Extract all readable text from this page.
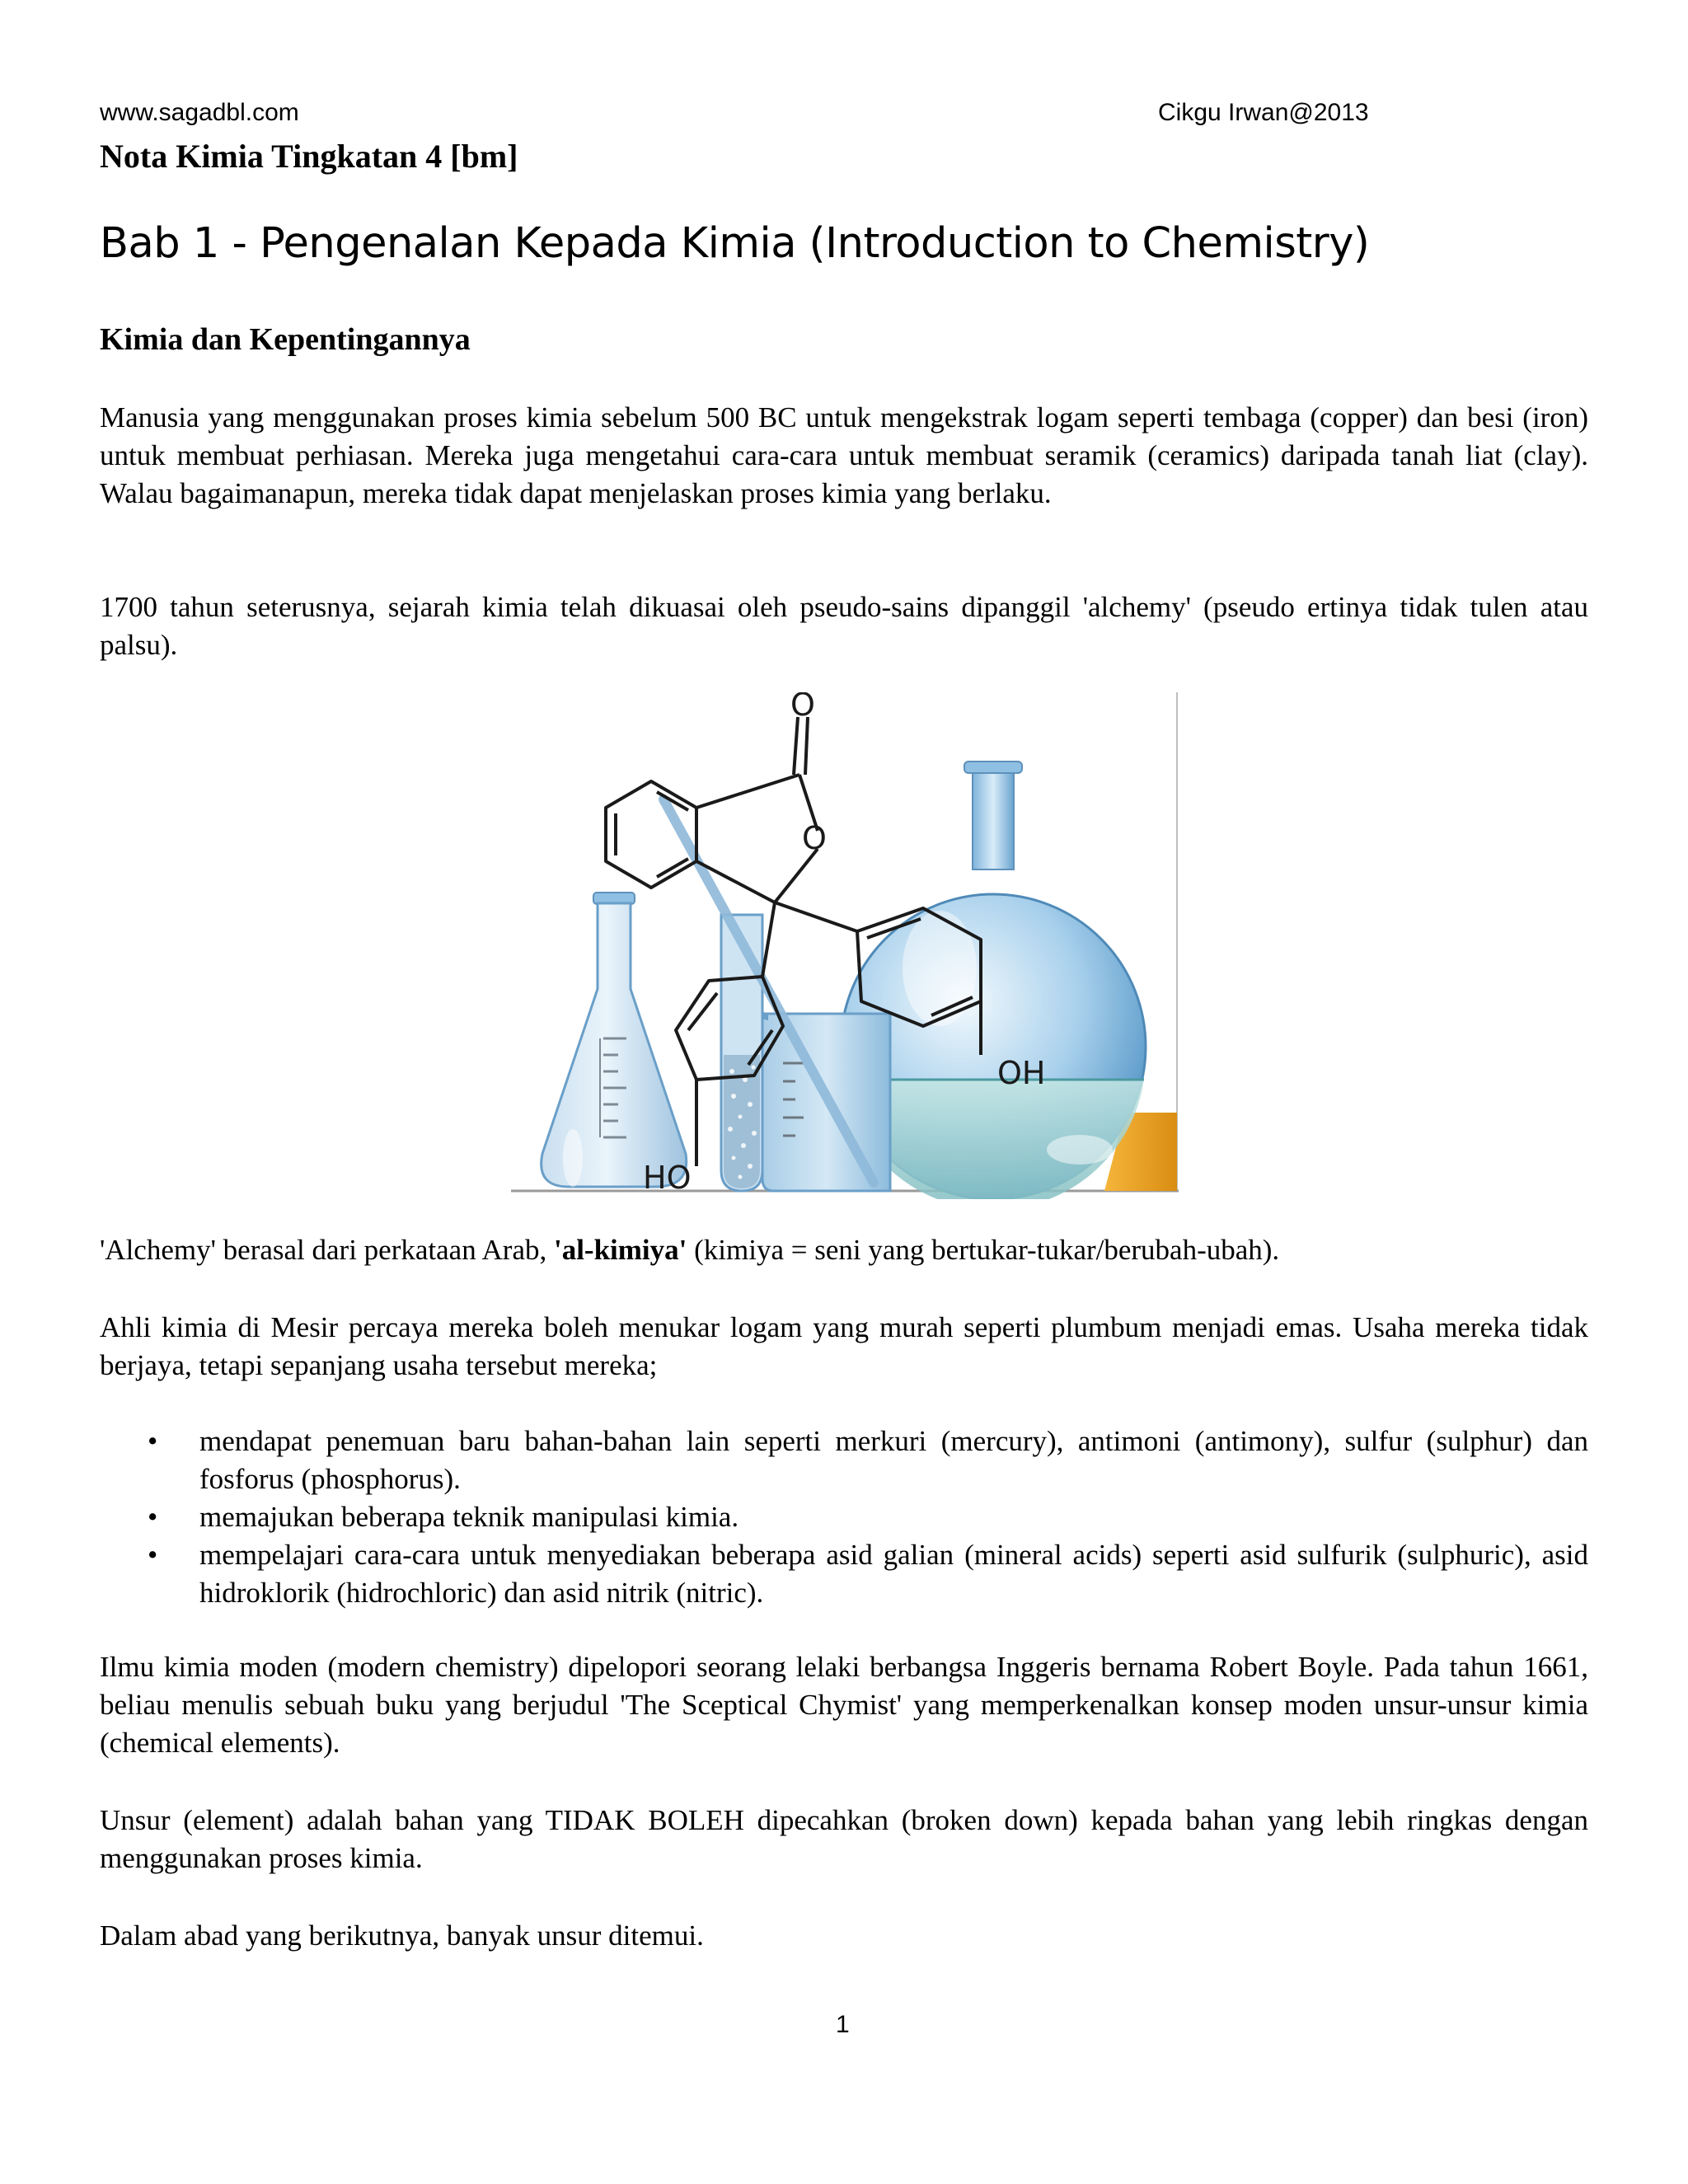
www.sagadbl.com	Cikgu Irwan@2013
Nota Kimia Tingkatan 4 [bm]
Bab 1 - Pengenalan Kepada Kimia (Introduction to Chemistry)
Kimia dan Kepentingannya

Manusia yang menggunakan proses kimia sebelum 500 BC untuk mengekstrak logam seperti tembaga (copper) dan besi (iron) untuk membuat perhiasan. Mereka juga mengetahui cara-cara untuk membuat seramik (ceramics) daripada tanah liat (clay). Walau bagaimanapun, mereka tidak dapat menjelaskan proses kimia yang berlaku.

1700 tahun seterusnya, sejarah kimia telah dikuasai oleh pseudo-sains dipanggil 'alchemy' (pseudo ertinya tidak tulen atau palsu).

O
O
OH
HO

'Alchemy' berasal dari perkataan Arab, 'al-kimiya' (kimiya = seni yang bertukar-tukar/berubah-ubah).

Ahli kimia di Mesir percaya mereka boleh menukar logam yang murah seperti plumbum menjadi emas. Usaha mereka tidak berjaya, tetapi sepanjang usaha tersebut mereka;

• mendapat penemuan baru bahan-bahan lain seperti merkuri (mercury), antimoni (antimony), sulfur (sulphur) dan fosforus (phosphorus).
• memajukan beberapa teknik manipulasi kimia.
• mempelajari cara-cara untuk menyediakan beberapa asid galian (mineral acids) seperti asid sulfurik (sulphuric), asid hidroklorik (hidrochloric) dan asid nitrik (nitric).

Ilmu kimia moden (modern chemistry) dipelopori seorang lelaki berbangsa Inggeris bernama Robert Boyle. Pada tahun 1661, beliau menulis sebuah buku yang berjudul 'The Sceptical Chymist' yang memperkenalkan konsep moden unsur-unsur kimia (chemical elements).

Unsur (element) adalah bahan yang TIDAK BOLEH dipecahkan (broken down) kepada bahan yang lebih ringkas dengan menggunakan proses kimia.

Dalam abad yang berikutnya, banyak unsur ditemui.

1
